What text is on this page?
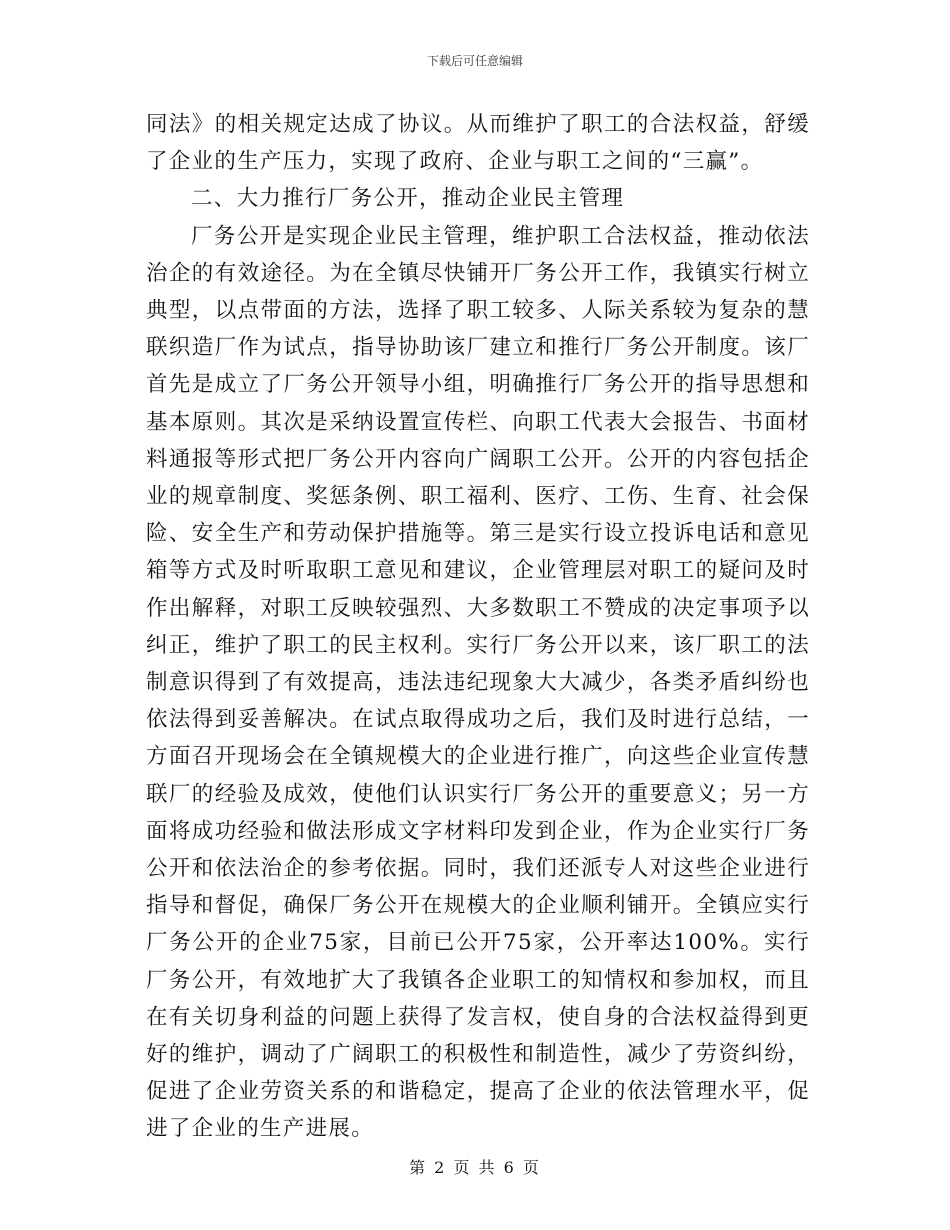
下载后可任意编辑

同法》的相关规定达成了协议。从而维护了职工的合法权益，舒缓了企业的生产压力，实现了政府、企业与职工之间的“三赢”。

二、大力推行厂务公开，推动企业民主管理

厂务公开是实现企业民主管理，维护职工合法权益，推动依法治企的有效途径。为在全镇尽快铺开厂务公开工作，我镇实行树立典型，以点带面的方法，选择了职工较多、人际关系较为复杂的慧联织造厂作为试点，指导协助该厂建立和推行厂务公开制度。该厂首先是成立了厂务公开领导小组，明确推行厂务公开的指导思想和基本原则。其次是采纳设置宣传栏、向职工代表大会报告、书面材料通报等形式把厂务公开内容向广阔职工公开。公开的内容包括企业的规章制度、奖惩条例、职工福利、医疗、工伤、生育、社会保险、安全生产和劳动保护措施等。第三是实行设立投诉电话和意见箱等方式及时听取职工意见和建议，企业管理层对职工的疑问及时作出解释，对职工反映较强烈、大多数职工不赞成的决定事项予以纠正，维护了职工的民主权利。实行厂务公开以来，该厂职工的法制意识得到了有效提高，违法违纪现象大大减少，各类矛盾纠纷也依法得到妥善解决。在试点取得成功之后，我们及时进行总结，一方面召开现场会在全镇规模大的企业进行推广，向这些企业宣传慧联厂的经验及成效，使他们认识实行厂务公开的重要意义；另一方面将成功经验和做法形成文字材料印发到企业，作为企业实行厂务公开和依法治企的参考依据。同时，我们还派专人对这些企业进行指导和督促，确保厂务公开在规模大的企业顺利铺开。全镇应实行厂务公开的企业75家，目前已公开75家，公开率达100%。实行厂务公开，有效地扩大了我镇各企业职工的知情权和参加权，而且在有关切身利益的问题上获得了发言权，使自身的合法权益得到更好的维护，调动了广阔职工的积极性和制造性，减少了劳资纠纷，促进了企业劳资关系的和谐稳定，提高了企业的依法管理水平，促进了企业的生产进展。

第 2 页 共 6 页
